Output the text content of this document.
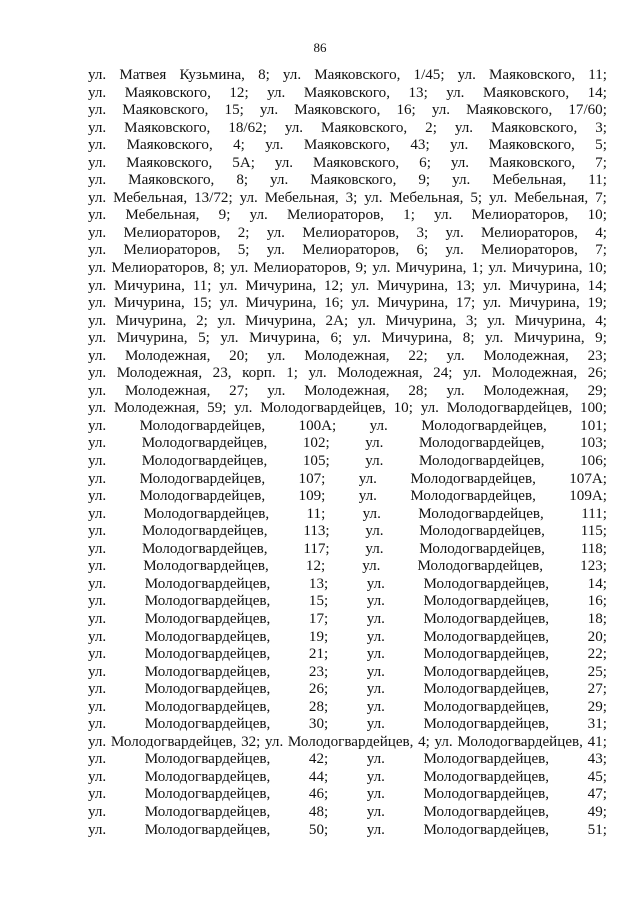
86
ул. Матвея Кузьмина, 8; ул. Маяковского, 1/45; ул. Маяковского, 11;
ул. Маяковского, 12; ул. Маяковского, 13; ул. Маяковского, 14;
ул. Маяковского, 15; ул. Маяковского, 16; ул. Маяковского, 17/60;
ул. Маяковского, 18/62; ул. Маяковского, 2; ул. Маяковского, 3;
ул. Маяковского, 4; ул. Маяковского, 43; ул. Маяковского, 5;
ул. Маяковского, 5А; ул. Маяковского, 6; ул. Маяковского, 7;
ул. Маяковского, 8; ул. Маяковского, 9; ул. Мебельная, 11;
ул. Мебельная, 13/72; ул. Мебельная, 3; ул. Мебельная, 5; ул. Мебельная, 7;
ул. Мебельная, 9; ул. Мелиораторов, 1; ул. Мелиораторов, 10;
ул. Мелиораторов, 2; ул. Мелиораторов, 3; ул. Мелиораторов, 4;
ул. Мелиораторов, 5; ул. Мелиораторов, 6; ул. Мелиораторов, 7;
ул. Мелиораторов, 8; ул. Мелиораторов, 9; ул. Мичурина, 1; ул. Мичурина, 10;
ул. Мичурина, 11; ул. Мичурина, 12; ул. Мичурина, 13; ул. Мичурина, 14;
ул. Мичурина, 15; ул. Мичурина, 16; ул. Мичурина, 17; ул. Мичурина, 19;
ул. Мичурина, 2; ул. Мичурина, 2А; ул. Мичурина, 3; ул. Мичурина, 4;
ул. Мичурина, 5; ул. Мичурина, 6; ул. Мичурина, 8; ул. Мичурина, 9;
ул. Молодежная, 20; ул. Молодежная, 22; ул. Молодежная, 23;
ул. Молодежная, 23, корп. 1; ул. Молодежная, 24; ул. Молодежная, 26;
ул. Молодежная, 27; ул. Молодежная, 28; ул. Молодежная, 29;
ул. Молодежная, 59; ул. Молодогвардейцев, 10; ул. Молодогвардейцев, 100;
ул. Молодогвардейцев, 100А; ул. Молодогвардейцев, 101;
ул. Молодогвардейцев, 102; ул. Молодогвардейцев, 103;
ул. Молодогвардейцев, 105; ул. Молодогвардейцев, 106;
ул. Молодогвардейцев, 107; ул. Молодогвардейцев, 107А;
ул. Молодогвардейцев, 109; ул. Молодогвардейцев, 109А;
ул. Молодогвардейцев, 11; ул. Молодогвардейцев, 111;
ул. Молодогвардейцев, 113; ул. Молодогвардейцев, 115;
ул. Молодогвардейцев, 117; ул. Молодогвардейцев, 118;
ул. Молодогвардейцев, 12; ул. Молодогвардейцев, 123;
ул.	Молодогвардейцев,	13;	ул.	Молодогвардейцев,	14;
ул.	Молодогвардейцев,	15;	ул.	Молодогвардейцев,	16;
ул.	Молодогвардейцев,	17;	ул.	Молодогвардейцев,	18;
ул.	Молодогвардейцев,	19;	ул.	Молодогвардейцев,	20;
ул.	Молодогвардейцев,	21;	ул.	Молодогвардейцев,	22;
ул.	Молодогвардейцев,	23;	ул.	Молодогвардейцев,	25;
ул.	Молодогвардейцев,	26;	ул.	Молодогвардейцев,	27;
ул.	Молодогвардейцев,	28;	ул.	Молодогвардейцев,	29;
ул.	Молодогвардейцев,	30;	ул.	Молодогвардейцев,	31;
ул. Молодогвардейцев, 32; ул. Молодогвардейцев, 4; ул. Молодогвардейцев, 41;
ул.	Молодогвардейцев,	42;	ул.	Молодогвардейцев,	43;
ул.	Молодогвардейцев,	44;	ул.	Молодогвардейцев,	45;
ул.	Молодогвардейцев,	46;	ул.	Молодогвардейцев,	47;
ул.	Молодогвардейцев,	48;	ул.	Молодогвардейцев,	49;
ул.	Молодогвардейцев,	50;	ул.	Молодогвардейцев,	51;
